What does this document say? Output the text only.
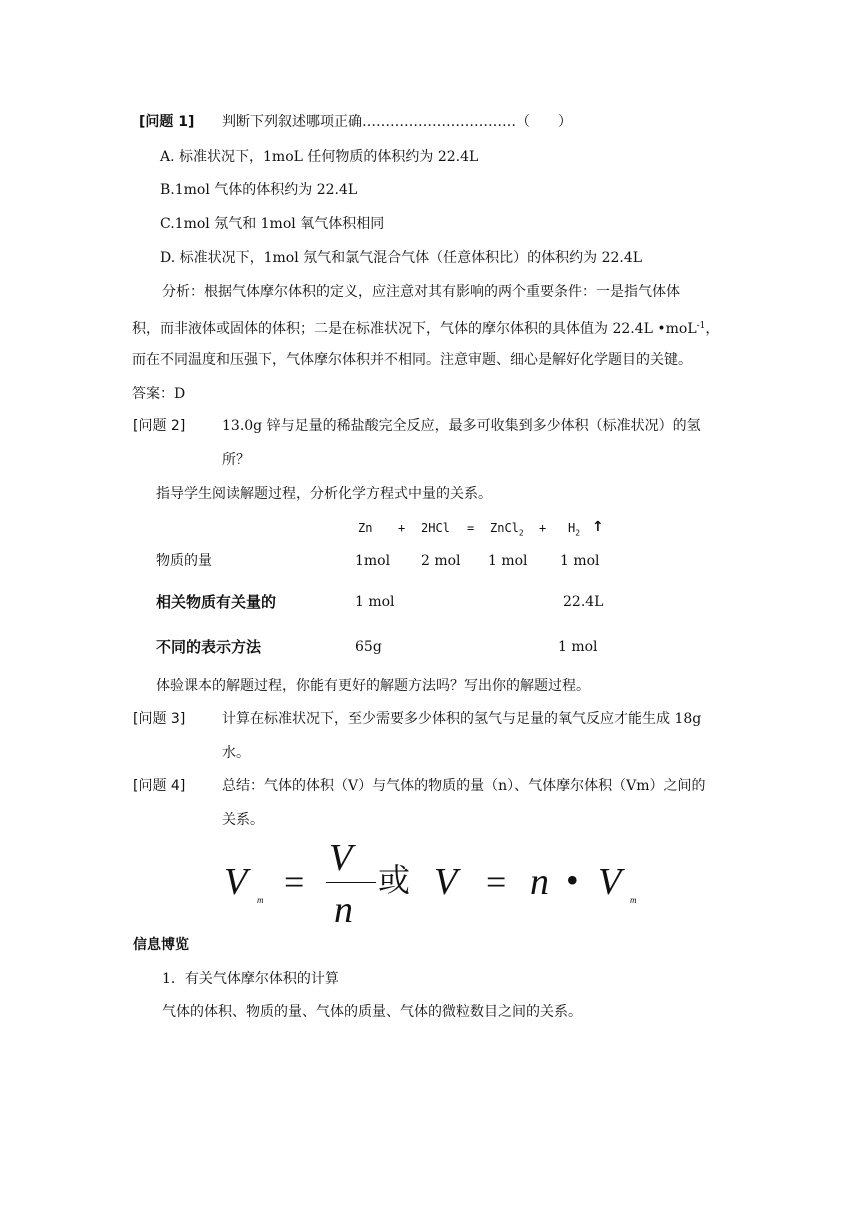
[问题 1] 判断下列叙述哪项正确……………………………（　　）
A. 标准状况下，1moL 任何物质的体积约为 22.4L
B.1mol 气体的体积约为 22.4L
C.1mol 氖气和 1mol 氧气体积相同
D. 标准状况下，1mol 氖气和氯气混合气体（任意体积比）的体积约为 22.4L
分析：根据气体摩尔体积的定义，应注意对其有影响的两个重要条件：一是指气体体
积，而非液体或固体的体积；二是在标准状况下，气体的摩尔体积的具体值为 22.4L •moL$^{-1}$，
而在不同温度和压强下，气体摩尔体积并不相同。注意审题、细心是解好化学题目的关键。
答案：D
[问题 2]	13.0g 锌与足量的稀盐酸完全反应，最多可收集到多少体积（标准状况）的氢
所？
指导学生阅读解题过程，分析化学方程式中量的关系。
Zn + 2HCl = ZnCl$_2$ + $H_2$ ↑
物质的量	1mol 2 mol 1 mol 1 mol
相关物质有关量的	1 mol	22.4L
不同的表示方法	65g	1 mol
体验课本的解题过程，你能有更好的解题方法吗？写出你的解题过程。
[问题 3]	计算在标准状况下，至少需要多少体积的氢气与足量的氧气反应才能生成 18g
水。
[问题 4]	总结：气体的体积（V）与气体的物质的量（n）、气体摩尔体积（Vm）之间的
关系。
V m =
V
n
或 V = n • V m
信息博览
1．有关气体摩尔体积的计算
气体的体积、物质的量、气体的质量、气体的微粒数目之间的关系。
